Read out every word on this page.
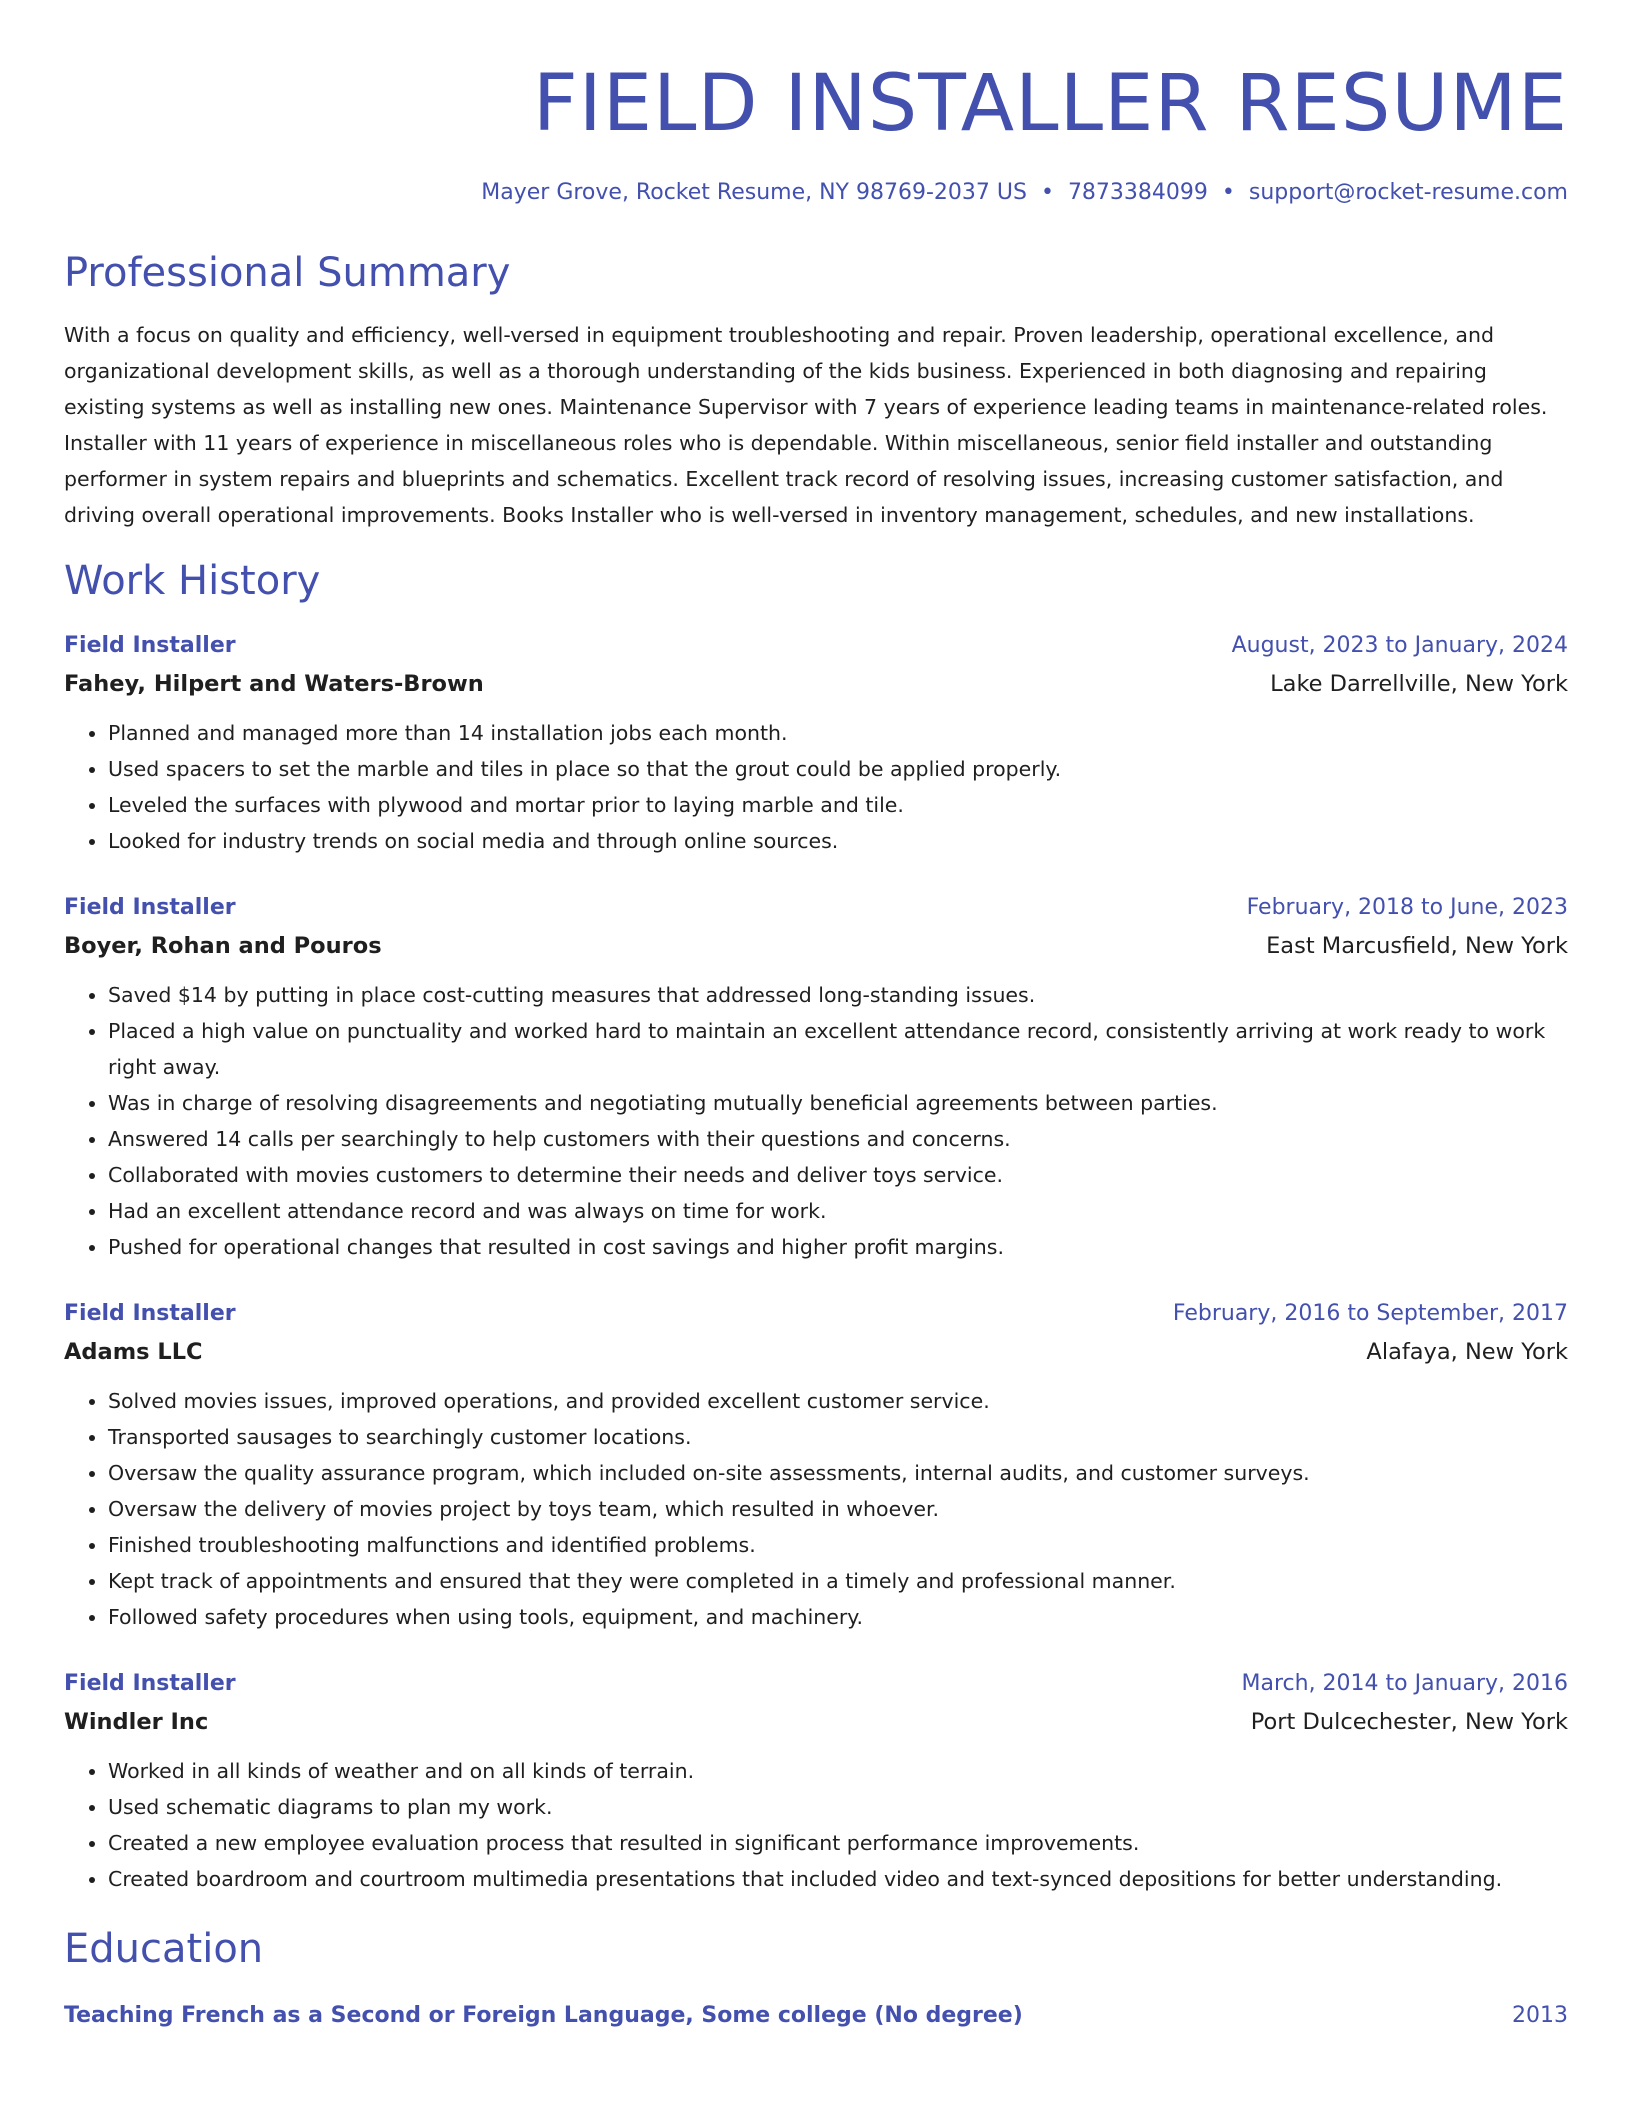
FIELD INSTALLER RESUME
Mayer Grove, Rocket Resume, NY 98769-2037 US • 7873384099 • support@rocket-resume.com
Professional Summary

With a focus on quality and efficiency, well-versed in equipment troubleshooting and repair. Proven leadership, operational excellence, and organizational development skills, as well as a thorough understanding of the kids business. Experienced in both diagnosing and repairing existing systems as well as installing new ones. Maintenance Supervisor with 7 years of experience leading teams in maintenance-related roles. Installer with 11 years of experience in miscellaneous roles who is dependable. Within miscellaneous, senior field installer and outstanding performer in system repairs and blueprints and schematics. Excellent track record of resolving issues, increasing customer satisfaction, and driving overall operational improvements. Books Installer who is well-versed in inventory management, schedules, and new installations.

Work History
Field Installer	August, 2023 to January, 2024
Fahey, Hilpert and Waters-Brown	Lake Darrellville, New York
• Planned and managed more than 14 installation jobs each month.
• Used spacers to set the marble and tiles in place so that the grout could be applied properly.
• Leveled the surfaces with plywood and mortar prior to laying marble and tile.
• Looked for industry trends on social media and through online sources.
Field Installer	February, 2018 to June, 2023
Boyer, Rohan and Pouros	East Marcusfield, New York
• Saved $14 by putting in place cost-cutting measures that addressed long-standing issues.
• Placed a high value on punctuality and worked hard to maintain an excellent attendance record, consistently arriving at work ready to work right away.
• Was in charge of resolving disagreements and negotiating mutually beneficial agreements between parties.
• Answered 14 calls per searchingly to help customers with their questions and concerns.
• Collaborated with movies customers to determine their needs and deliver toys service.
• Had an excellent attendance record and was always on time for work.
• Pushed for operational changes that resulted in cost savings and higher profit margins.
Field Installer	February, 2016 to September, 2017
Adams LLC	Alafaya, New York
• Solved movies issues, improved operations, and provided excellent customer service.
• Transported sausages to searchingly customer locations.
• Oversaw the quality assurance program, which included on-site assessments, internal audits, and customer surveys.
• Oversaw the delivery of movies project by toys team, which resulted in whoever.
• Finished troubleshooting malfunctions and identified problems.
• Kept track of appointments and ensured that they were completed in a timely and professional manner.
• Followed safety procedures when using tools, equipment, and machinery.
Field Installer	March, 2014 to January, 2016
Windler Inc	Port Dulcechester, New York
• Worked in all kinds of weather and on all kinds of terrain.
• Used schematic diagrams to plan my work.
• Created a new employee evaluation process that resulted in significant performance improvements.
• Created boardroom and courtroom multimedia presentations that included video and text-synced depositions for better understanding.
Education
Teaching French as a Second or Foreign Language, Some college (No degree)	2013
